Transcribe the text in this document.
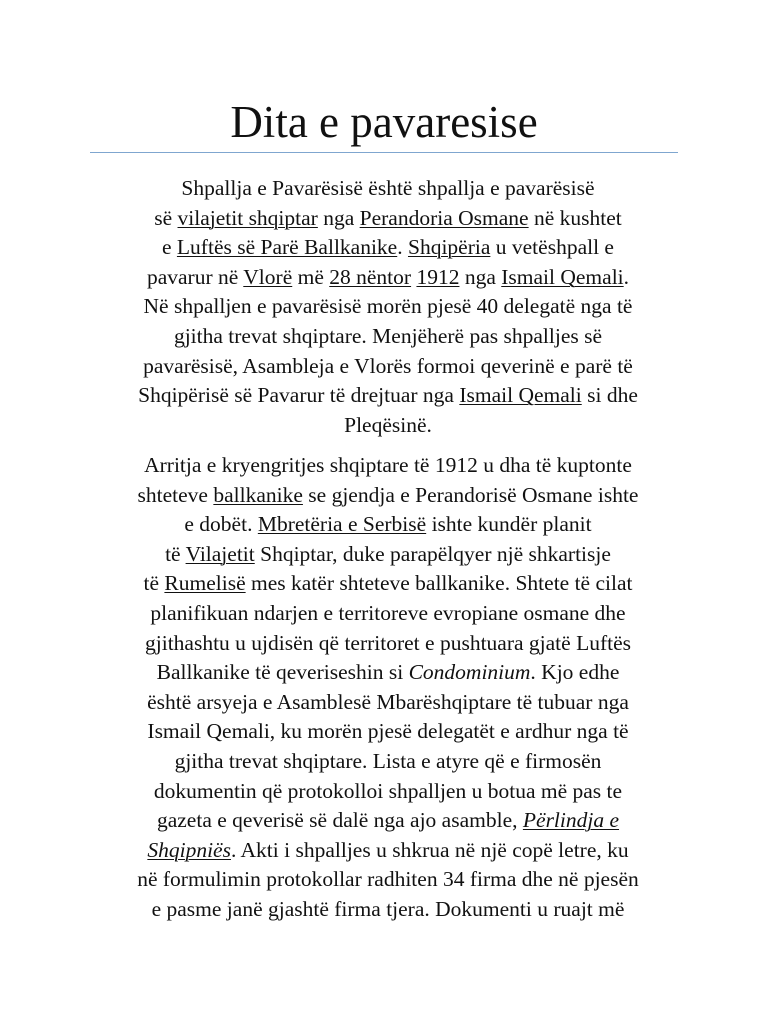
Dita e pavaresise

Shpallja e Pavarësisë është shpallja e pavarësisë
së vilajetit shqiptar nga Perandoria Osmane në kushtet
e Luftës së Parë Ballkanike. Shqipëria u vetëshpall e
pavarur në Vlorë më 28 nëntor 1912 nga Ismail Qemali.
Në shpalljen e pavarësisë morën pjesë 40 delegatë nga të
gjitha trevat shqiptare. Menjëherë pas shpalljes së
pavarësisë, Asambleja e Vlorës formoi qeverinë e parë të
Shqipërisë së Pavarur të drejtuar nga Ismail Qemali si dhe
Pleqësinë.

Arritja e kryengritjes shqiptare të 1912 u dha të kuptonte
shteteve ballkanike se gjendja e Perandorisë Osmane ishte
e dobët. Mbretëria e Serbisë ishte kundër planit
të Vilajetit Shqiptar, duke parapëlqyer një shkartisje
të Rumelisë mes katër shteteve ballkanike. Shtete të cilat
planifikuan ndarjen e territoreve evropiane osmane dhe
gjithashtu u ujdisën që territoret e pushtuara gjatë Luftës
Ballkanike të qeveriseshin si Condominium. Kjo edhe
është arsyeja e Asamblesë Mbarëshqiptare të tubuar nga
Ismail Qemali, ku morën pjesë delegatët e ardhur nga të
gjitha trevat shqiptare. Lista e atyre që e firmosën
dokumentin që protokolloi shpalljen u botua më pas te
gazeta e qeverisë së dalë nga ajo asamble, Përlindja e
Shqipniës. Akti i shpalljes u shkrua në një copë letre, ku
në formulimin protokollar radhiten 34 firma dhe në pjesën
e pasme janë gjashtë firma tjera. Dokumenti u ruajt më
